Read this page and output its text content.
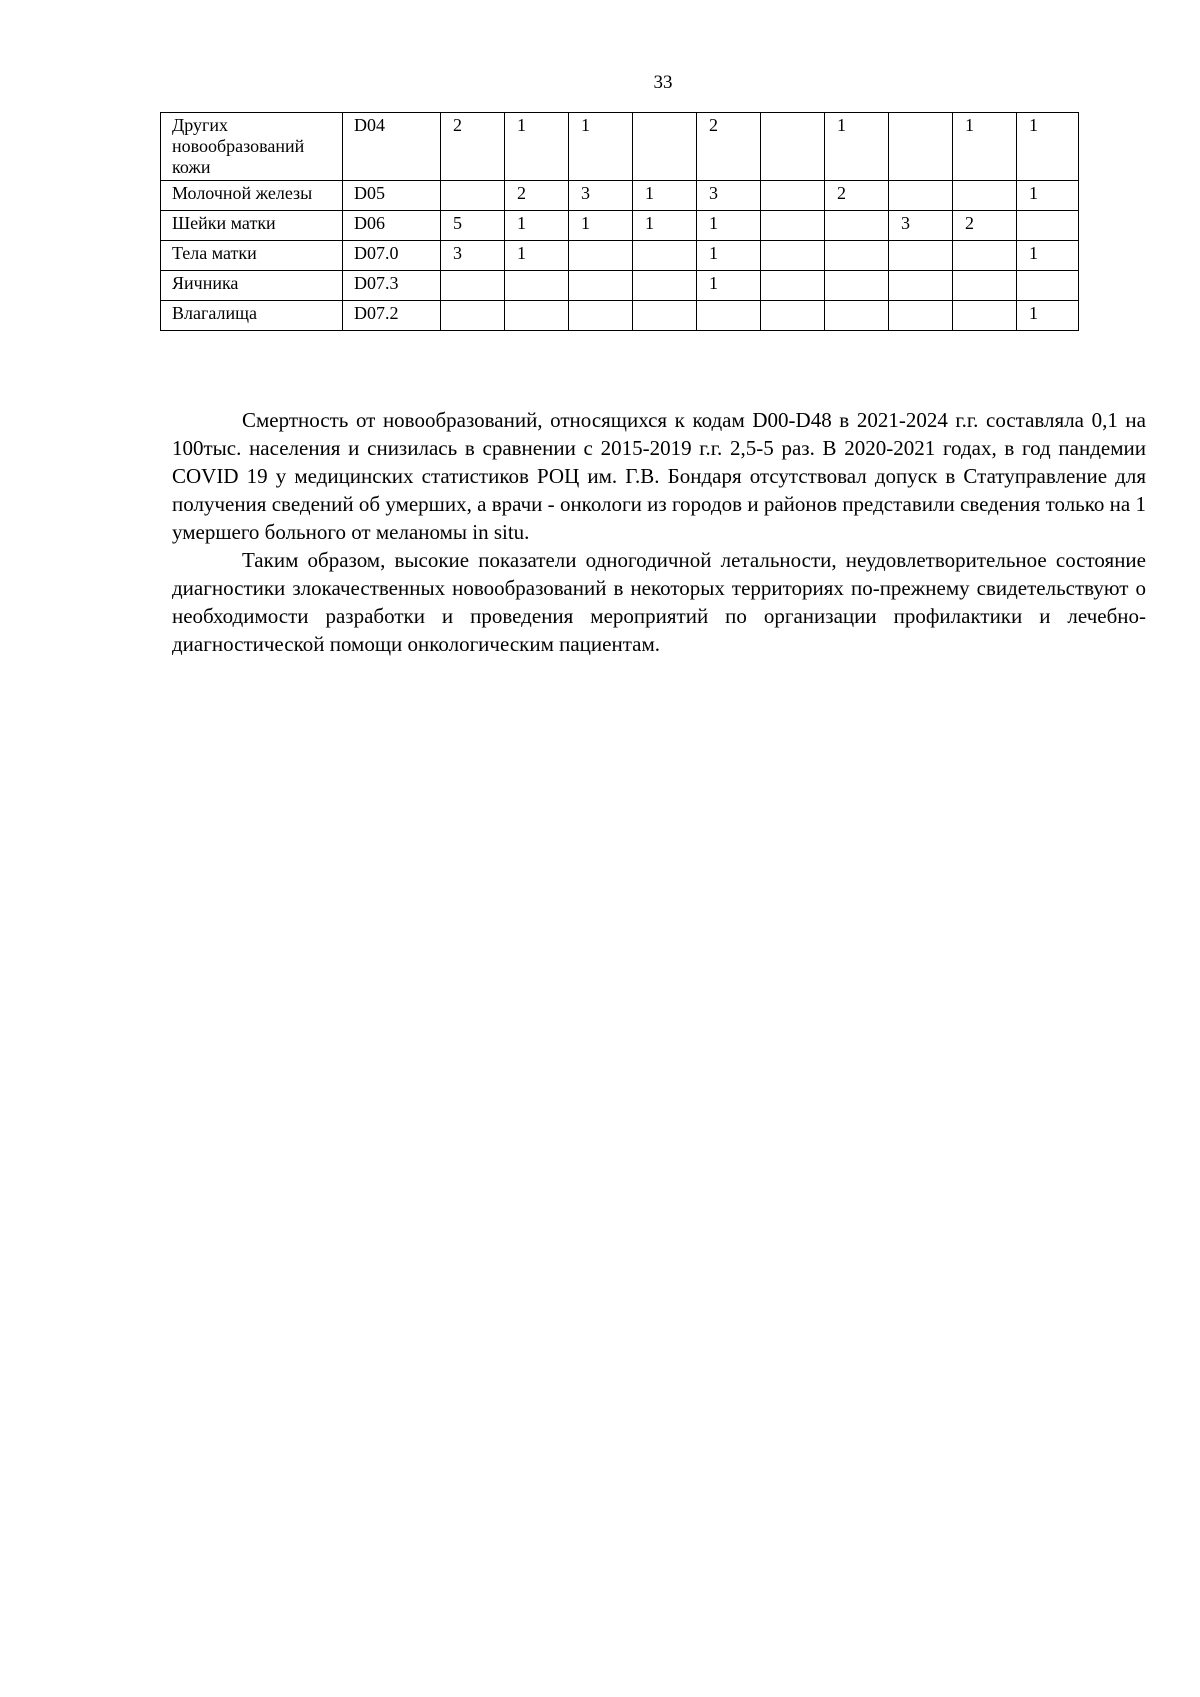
33
Других новообразований кожи	D04	2	1	1		2		1		1	1
Молочной железы	D05		2	3	1	3		2			1
Шейки матки	D06	5	1	1	1	1			3	2	
Тела матки	D07.0	3	1			1					1
Яичника	D07.3					1					
Влагалища	D07.2										1

Смертность от новообразований, относящихся к кодам D00-D48 в 2021-2024 г.г. составляла 0,1 на 100тыс. населения и снизилась в сравнении с 2015-2019 г.г. 2,5-5 раз. В 2020-2021 годах, в год пандемии COVID 19 у медицинских статистиков РОЦ им. Г.В. Бондаря отсутствовал допуск в Статуправление для получения сведений об умерших, а врачи - онкологи из городов и районов представили сведения только на 1 умершего больного от меланомы in situ.

Таким образом, высокие показатели одногодичной летальности, неудовлетворительное состояние диагностики злокачественных новообразований в некоторых территориях по-прежнему свидетельствуют о необходимости разработки и проведения мероприятий по организации профилактики и лечебно-диагностической помощи онкологическим пациентам.
